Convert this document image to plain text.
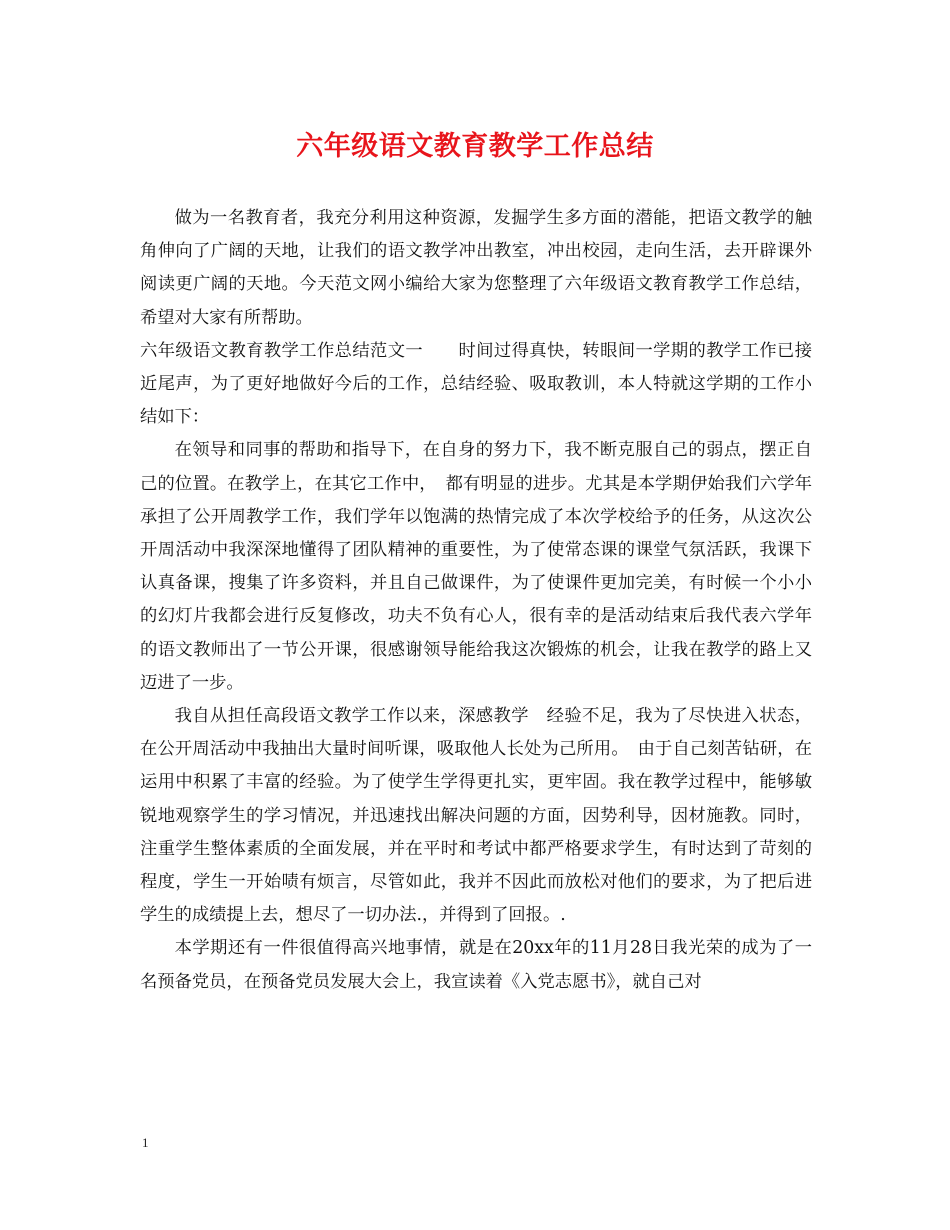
六年级语文教育教学工作总结

做为一名教育者，我充分利用这种资源，发掘学生多方面的潜能，把语文教学的触角伸向了广阔的天地，让我们的语文教学冲出教室，冲出校园，走向生活，去开辟课外阅读更广阔的天地。今天范文网小编给大家为您整理了六年级语文教育教学工作总结，希望对大家有所帮助。

六年级语文教育教学工作总结范文一　　时间过得真快，转眼间一学期的教学工作已接近尾声，为了更好地做好今后的工作，总结经验、吸取教训，本人特就这学期的工作小结如下：

在领导和同事的帮助和指导下，在自身的努力下，我不断克服自己的弱点，摆正自己的位置。在教学上，在其它工作中，　都有明显的进步。尤其是本学期伊始我们六学年承担了公开周教学工作，我们学年以饱满的热情完成了本次学校给予的任务，从这次公开周活动中我深深地懂得了团队精神的重要性，为了使常态课的课堂气氛活跃，我课下认真备课，搜集了许多资料，并且自己做课件，为了使课件更加完美，有时候一个小小的幻灯片我都会进行反复修改，功夫不负有心人，很有幸的是活动结束后我代表六学年的语文教师出了一节公开课，很感谢领导能给我这次锻炼的机会，让我在教学的路上又迈进了一步。

我自从担任高段语文教学工作以来，深感教学　经验不足，我为了尽快进入状态，在公开周活动中我抽出大量时间听课，吸取他人长处为己所用。　由于自己刻苦钻研，在运用中积累了丰富的经验。为了使学生学得更扎实，更牢固。我在教学过程中，能够敏锐地观察学生的学习情况，并迅速找出解决问题的方面，因势利导，因材施教。同时，注重学生整体素质的全面发展，并在平时和考试中都严格要求学生，有时达到了苛刻的程度，学生一开始啧有烦言，尽管如此，我并不因此而放松对他们的要求，为了把后进学生的成绩提上去，想尽了一切办法.，并得到了回报。.

本学期还有一件很值得高兴地事情，就是在20xx年的11月28日我光荣的成为了一名预备党员，在预备党员发展大会上，我宣读着《入党志愿书》，就自己对

1
